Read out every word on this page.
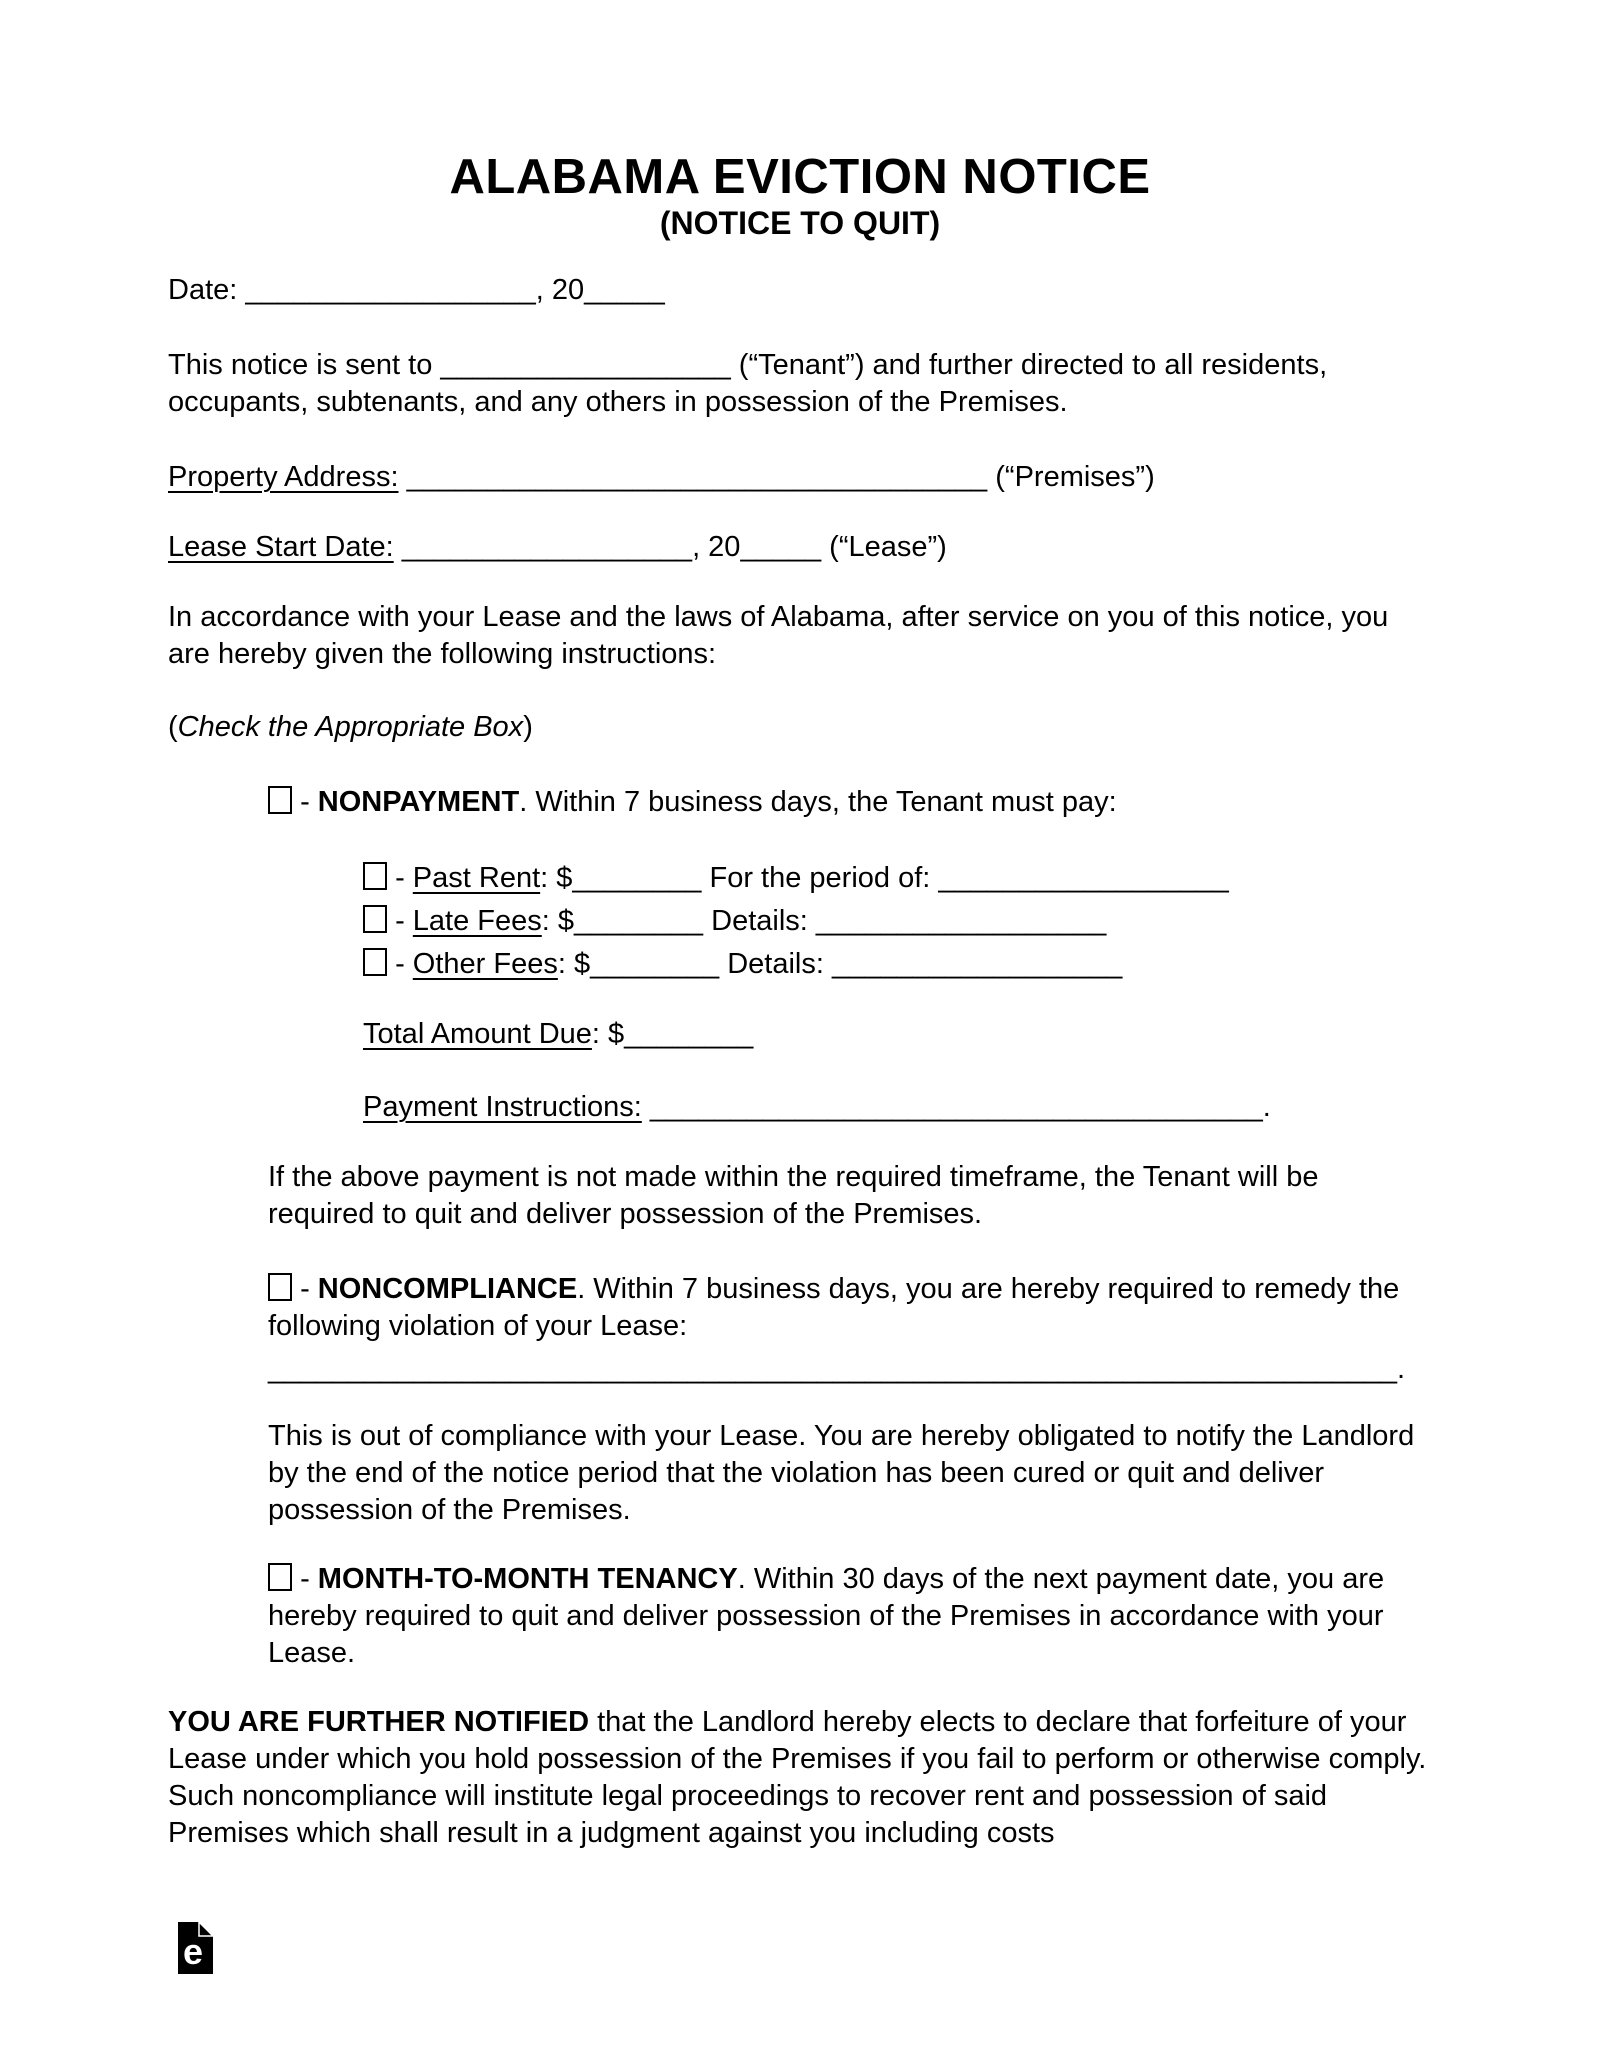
ALABAMA EVICTION NOTICE
(NOTICE TO QUIT)

Date: __________________, 20_____

This notice is sent to __________________ (“Tenant”) and further directed to all residents, occupants, subtenants, and any others in possession of the Premises.

Property Address: ____________________________________ (“Premises”)

Lease Start Date: __________________, 20_____ (“Lease”)

In accordance with your Lease and the laws of Alabama, after service on you of this notice, you are hereby given the following instructions:

(Check the Appropriate Box)

- NONPAYMENT. Within 7 business days, the Tenant must pay:

- Past Rent: $________ For the period of: __________________

- Late Fees: $________ Details: __________________

- Other Fees: $________ Details: __________________

Total Amount Due: $________

Payment Instructions: ______________________________________.

If the above payment is not made within the required timeframe, the Tenant will be required to quit and deliver possession of the Premises.

- NONCOMPLIANCE. Within 7 business days, you are hereby required to remedy the following violation of your Lease:

______________________________________________________________________.

This is out of compliance with your Lease. You are hereby obligated to notify the Landlord by the end of the notice period that the violation has been cured or quit and deliver possession of the Premises.

- MONTH-TO-MONTH TENANCY. Within 30 days of the next payment date, you are hereby required to quit and deliver possession of the Premises in accordance with your Lease.

YOU ARE FURTHER NOTIFIED that the Landlord hereby elects to declare that forfeiture of your Lease under which you hold possession of the Premises if you fail to perform or otherwise comply. Such noncompliance will institute legal proceedings to recover rent and possession of said Premises which shall result in a judgment against you including costs

e
